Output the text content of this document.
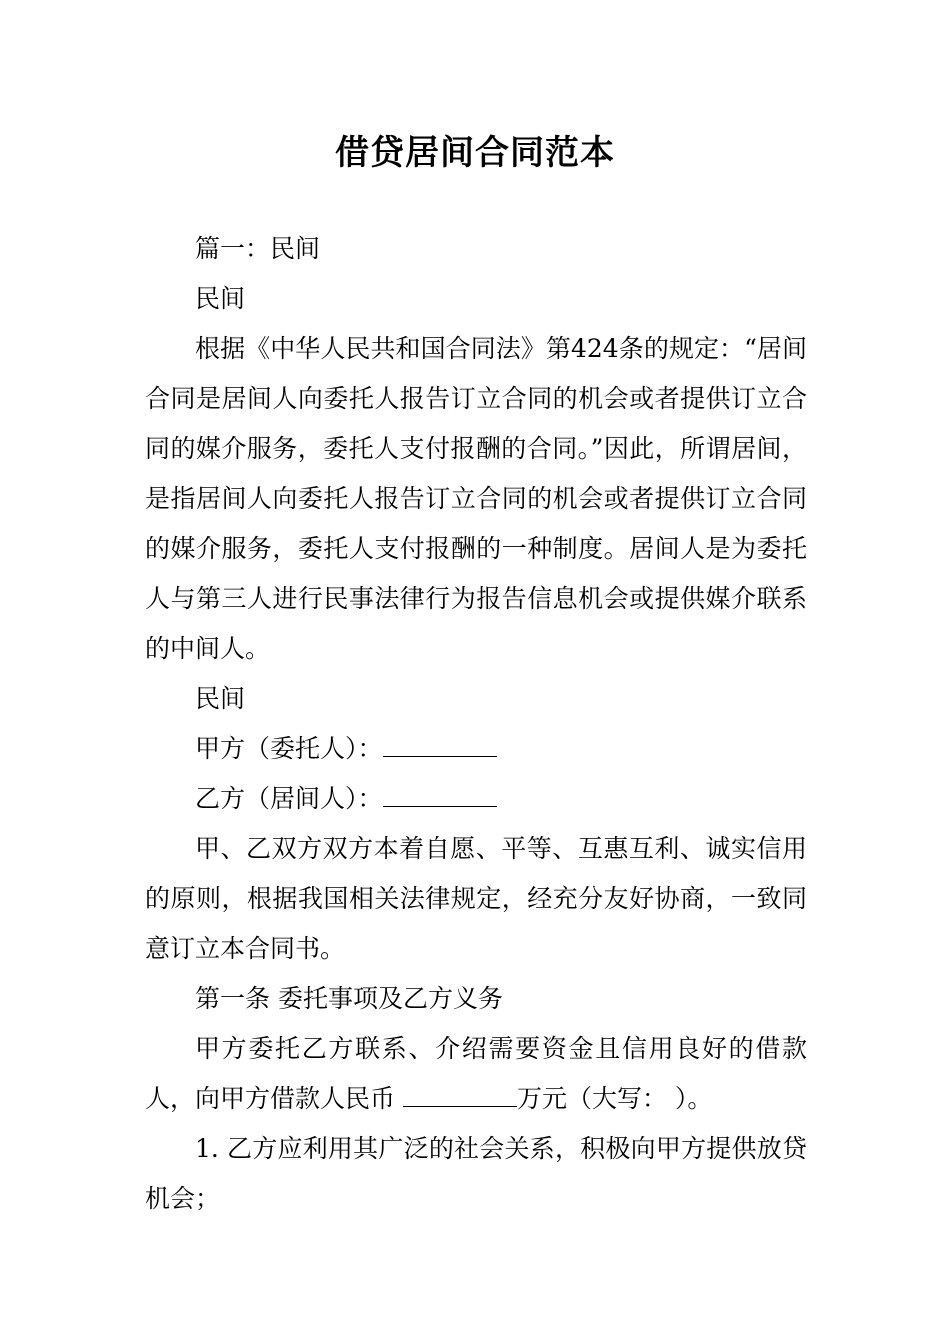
借贷居间合同范本

篇一：民间

民间

根据《中华人民共和国合同法》第424条的规定：“居间合同是居间人向委托人报告订立合同的机会或者提供订立合同的媒介服务，委托人支付报酬的合同。”因此，所谓居间，是指居间人向委托人报告订立合同的机会或者提供订立合同的媒介服务，委托人支付报酬的一种制度。居间人是为委托人与第三人进行民事法律行为报告信息机会或提供媒介联系的中间人。

民间

甲方（委托人）：

乙方（居间人）：

甲、乙双方双方本着自愿、平等、互惠互利、诚实信用的原则，根据我国相关法律规定，经充分友好协商，一致同意订立本合同书。

第一条 委托事项及乙方义务

甲方委托乙方联系、介绍需要资金且信用良好的借款人，向甲方借款人民币	万元（大写： ）。

1. 乙方应利用其广泛的社会关系，积极向甲方提供放贷机会；
